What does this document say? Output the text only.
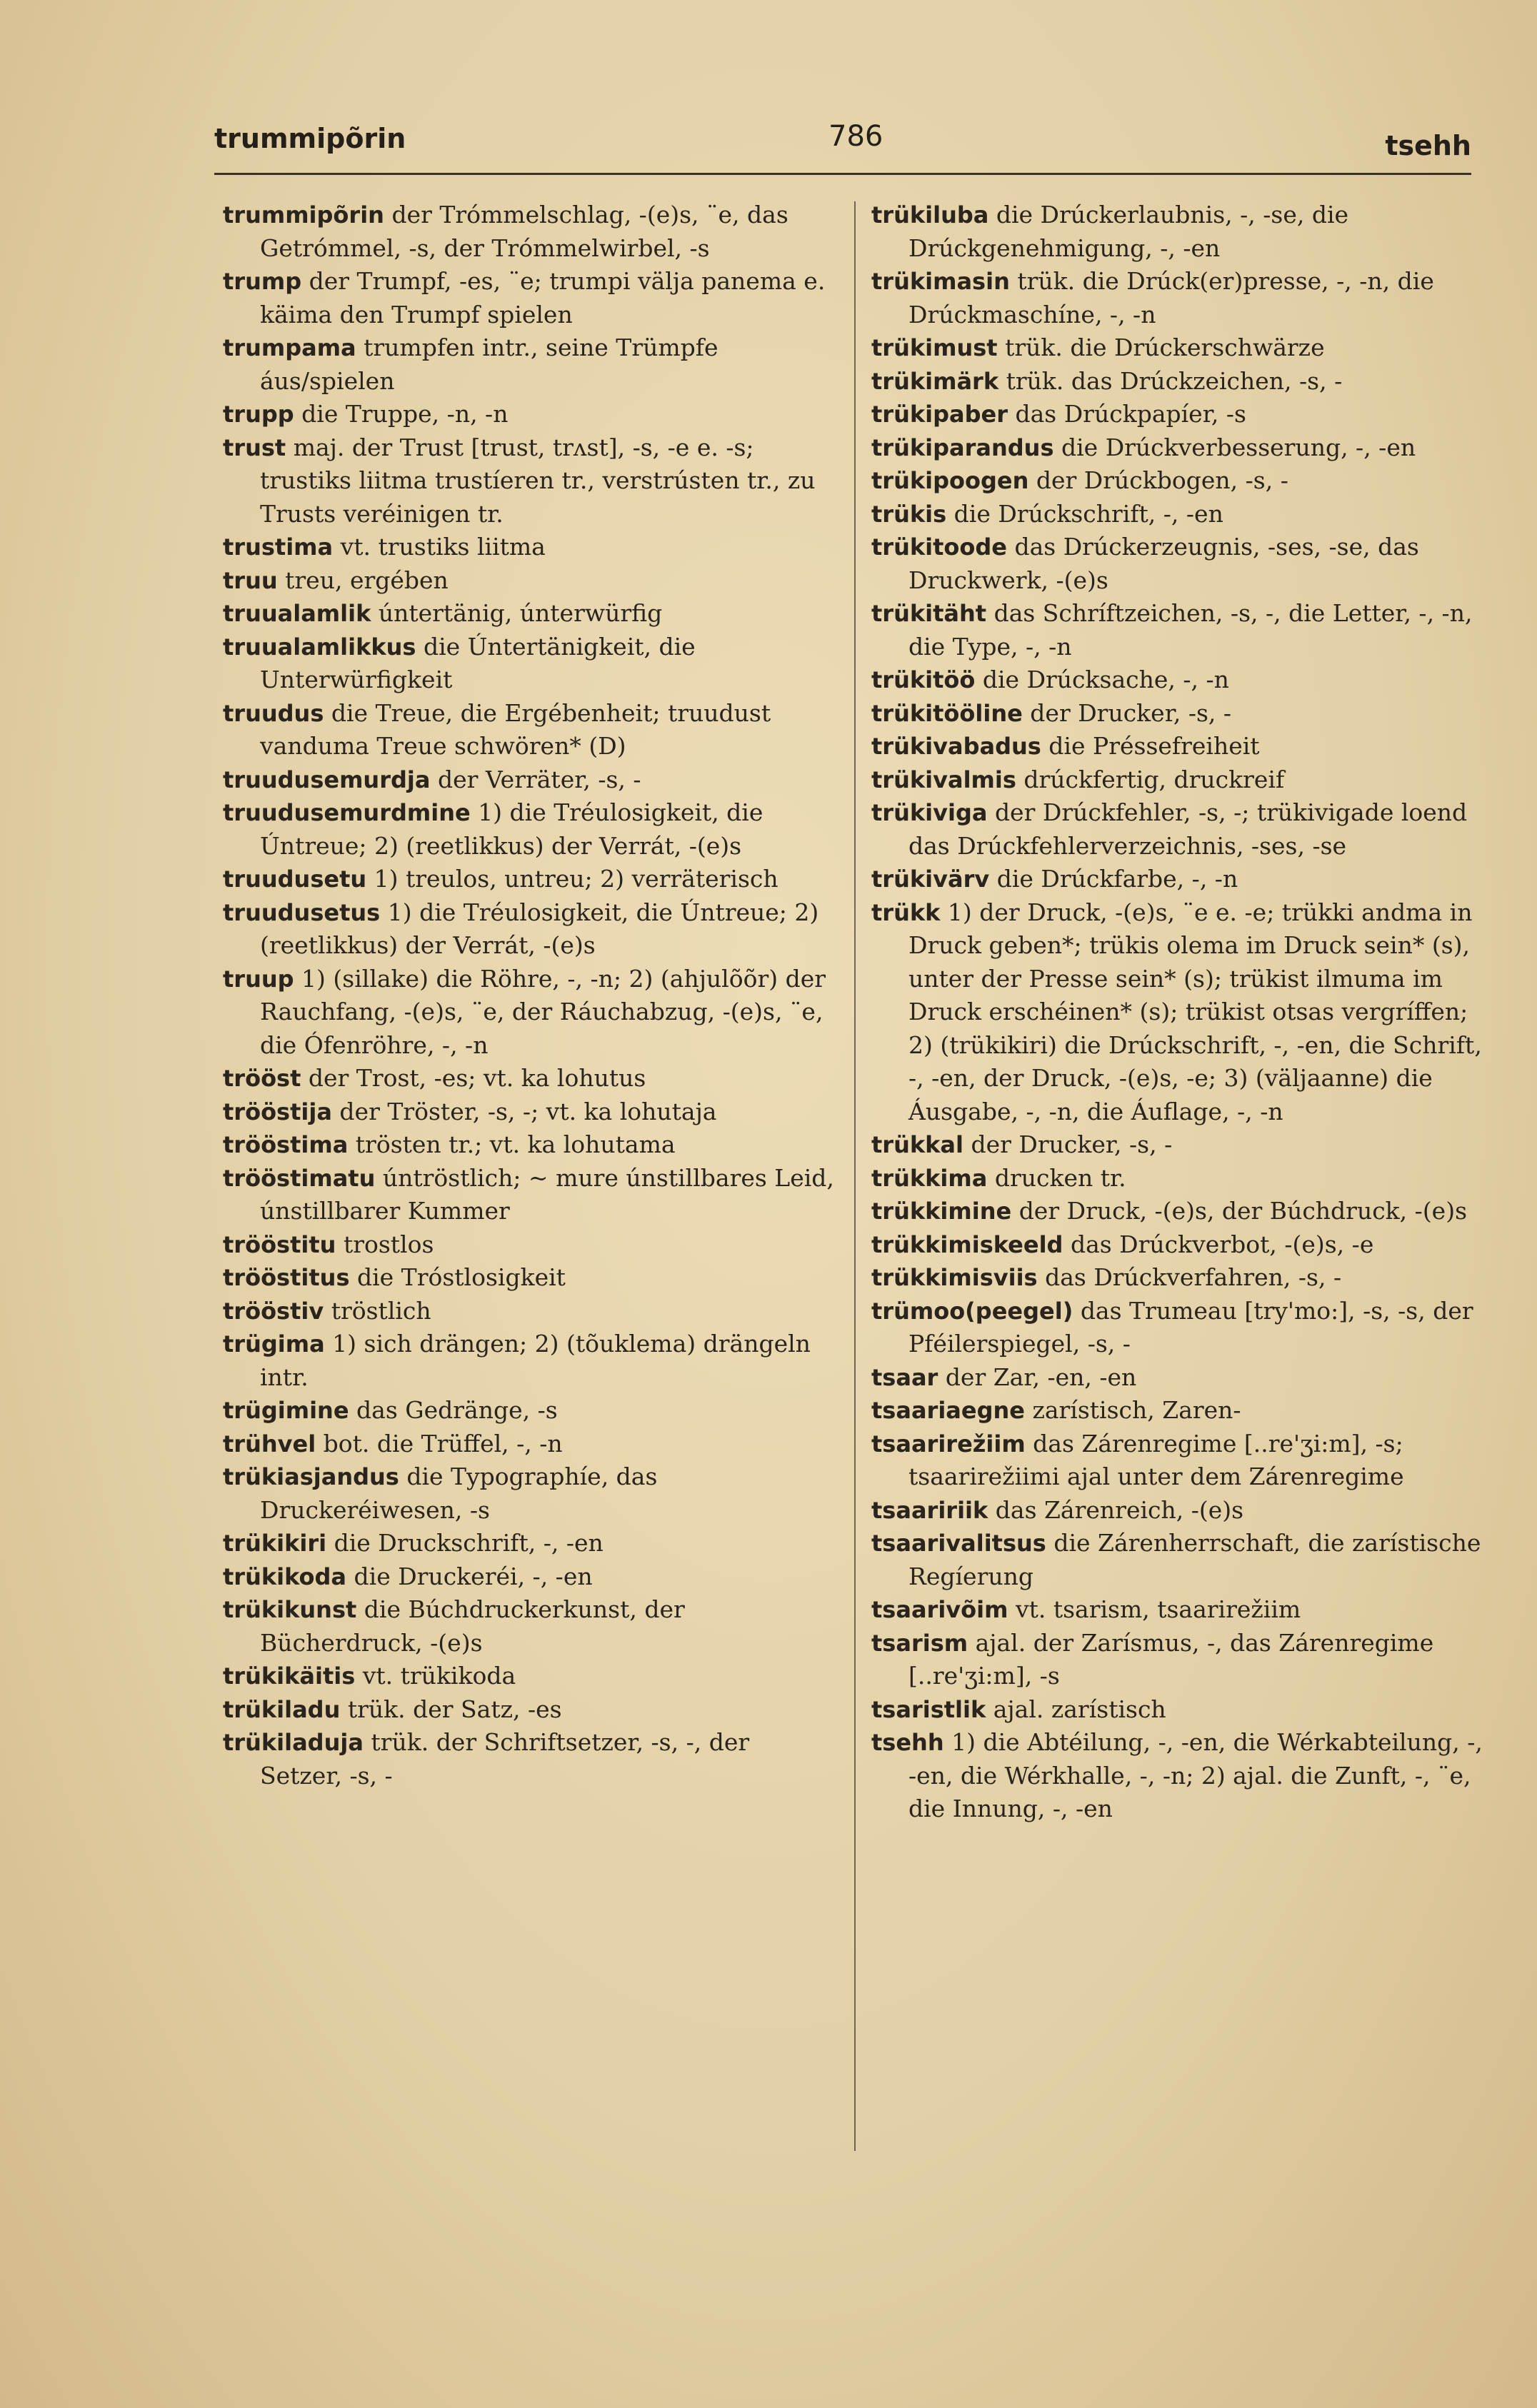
trummipõrin	786	tsehh
trummipõrin der Trómmelschlag, -(e)s, ¨e, das Getrómmel, -s, der Trómmelwirbel, -s
trump der Trumpf, -es, ¨e; trumpi välja panema e. käima den Trumpf spielen
trumpama trumpfen intr., seine Trümpfe áus/spielen
trupp die Truppe, -n, -n
trust maj. der Trust [trust, trʌst], -s, -e e. -s; trustiks liitma trustíeren tr., verstrústen tr., zu Trusts veréinigen tr.
trustima vt. trustiks liitma
truu treu, ergében
truualamlik úntertänig, únterwürfig
truualamlikkus die Úntertänigkeit, die Unterwürfigkeit
truudus die Treue, die Ergébenheit; truudust vanduma Treue schwören* (D)
truudusemurdja der Verräter, -s, -
truudusemurdmine 1) die Tréulosigkeit, die Úntreue; 2) (reetlikkus) der Verrát, -(e)s
truudusetu 1) treulos, untreu; 2) verräterisch
truudusetus 1) die Tréulosigkeit, die Úntreue; 2) (reetlikkus) der Verrát, -(e)s
truup 1) (sillake) die Röhre, -, -n; 2) (ahjulõõr) der Rauchfang, -(e)s, ¨e, der Ráuchabzug, -(e)s, ¨e, die Ófenröhre, -, -n
trööst der Trost, -es; vt. ka lohutus
trööstija der Tröster, -s, -; vt. ka lohutaja
trööstima trösten tr.; vt. ka lohutama
trööstimatu úntröstlich; ~ mure únstillbares Leid, únstillbarer Kummer
trööstitu trostlos
trööstitus die Tróstlosigkeit
trööstiv tröstlich
trügima 1) sich drängen; 2) (tõuklema) drängeln intr.
trügimine das Gedränge, -s
trühvel bot. die Trüffel, -, -n
trükiasjandus die Typographíe, das Druckeréiwesen, -s
trükikiri die Druckschrift, -, -en
trükikoda die Druckeréi, -, -en
trükikunst die Búchdruckerkunst, der Bücherdruck, -(e)s
trükikäitis vt. trükikoda
trükiladu trük. der Satz, -es
trükiladuja trük. der Schriftsetzer, -s, -, der Setzer, -s, -
trükiluba die Drúckerlaubnis, -, -se, die Drúckgenehmigung, -, -en
trükimasin trük. die Drúck(er)presse, -, -n, die Drúckmaschíne, -, -n
trükimust trük. die Drúckerschwärze
trükimärk trük. das Drúckzeichen, -s, -
trükipaber das Drúckpapíer, -s
trükiparandus die Drúckverbesserung, -, -en
trükipoogen der Drúckbogen, -s, -
trükis die Drúckschrift, -, -en
trükitoode das Drúckerzeugnis, -ses, -se, das Druckwerk, -(e)s
trükitäht das Schríftzeichen, -s, -, die Letter, -, -n, die Type, -, -n
trükitöö die Drúcksache, -, -n
trükitööline der Drucker, -s, -
trükivabadus die Préssefreiheit
trükivalmis drúckfertig, druckreif
trükiviga der Drúckfehler, -s, -; trükivigade loend das Drúckfehlerverzeichnis, -ses, -se
trükivärv die Drúckfarbe, -, -n
trükk 1) der Druck, -(e)s, ¨e e. -e; trükki andma in Druck geben*; trükis olema im Druck sein* (s), unter der Presse sein* (s); trükist ilmuma im Druck erschéinen* (s); trükist otsas vergríffen; 2) (trükikiri) die Drúckschrift, -, -en, die Schrift, -, -en, der Druck, -(e)s, -e; 3) (väljaanne) die Áusgabe, -, -n, die Áuflage, -, -n
trükkal der Drucker, -s, -
trükkima drucken tr.
trükkimine der Druck, -(e)s, der Búchdruck, -(e)s
trükkimiskeeld das Drúckverbot, -(e)s, -e
trükkimisviis das Drúckverfahren, -s, -
trümoo(peegel) das Trumeau [try'mo:], -s, -s, der Pféilerspiegel, -s, -
tsaar der Zar, -en, -en
tsaariaegne zarístisch, Zaren-
tsaarirežiim das Zárenregime [..re'ʒi:m], -s; tsaarirežiimi ajal unter dem Zárenregime
tsaaririik das Zárenreich, -(e)s
tsaarivalitsus die Zárenherrschaft, die zarístische Regíerung
tsaarivõim vt. tsarism, tsaarirežiim
tsarism ajal. der Zarísmus, -, das Zárenregime [..re'ʒi:m], -s
tsaristlik ajal. zarístisch
tsehh 1) die Abtéilung, -, -en, die Wérkabteilung, -, -en, die Wérkhalle, -, -n; 2) ajal. die Zunft, -, ¨e, die Innung, -, -en
